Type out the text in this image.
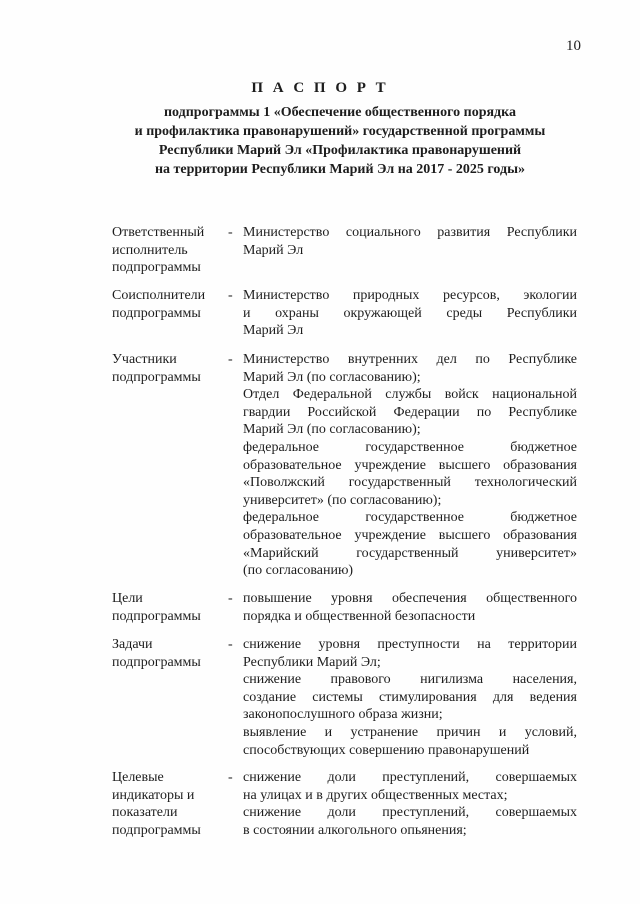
10
П А С П О Р Т
подпрограммы 1 «Обеспечение общественного порядка
и профилактика правонарушений» государственной программы
Республики Марий Эл «Профилактика правонарушений
на территории Республики Марий Эл на 2017 - 2025 годы»
Ответственный
исполнитель
подпрограммы
- Министерство социального развития Республики
Марий Эл
Соисполнители
подпрограммы
- Министерство природных ресурсов, экологии
и охраны окружающей среды Республики
Марий Эл
Участники
подпрограммы
- Министерство внутренних дел по Республике
Марий Эл (по согласованию);
Отдел Федеральной службы войск национальной
гвардии Российской Федерации по Республике
Марий Эл (по согласованию);
федеральное государственное бюджетное
образовательное учреждение высшего образования
«Поволжский государственный технологический
университет» (по согласованию);
федеральное государственное бюджетное
образовательное учреждение высшего образования
«Марийский государственный университет»
(по согласованию)
Цели
подпрограммы
- повышение уровня обеспечения общественного
порядка и общественной безопасности
Задачи
подпрограммы
- снижение уровня преступности на территории
Республики Марий Эл;
снижение правового нигилизма населения,
создание системы стимулирования для ведения
законопослушного образа жизни;
выявление и устранение причин и условий,
способствующих совершению правонарушений
Целевые
индикаторы и
показатели
подпрограммы
- снижение доли преступлений, совершаемых
на улицах и в других общественных местах;
снижение доли преступлений, совершаемых
в состоянии алкогольного опьянения;
